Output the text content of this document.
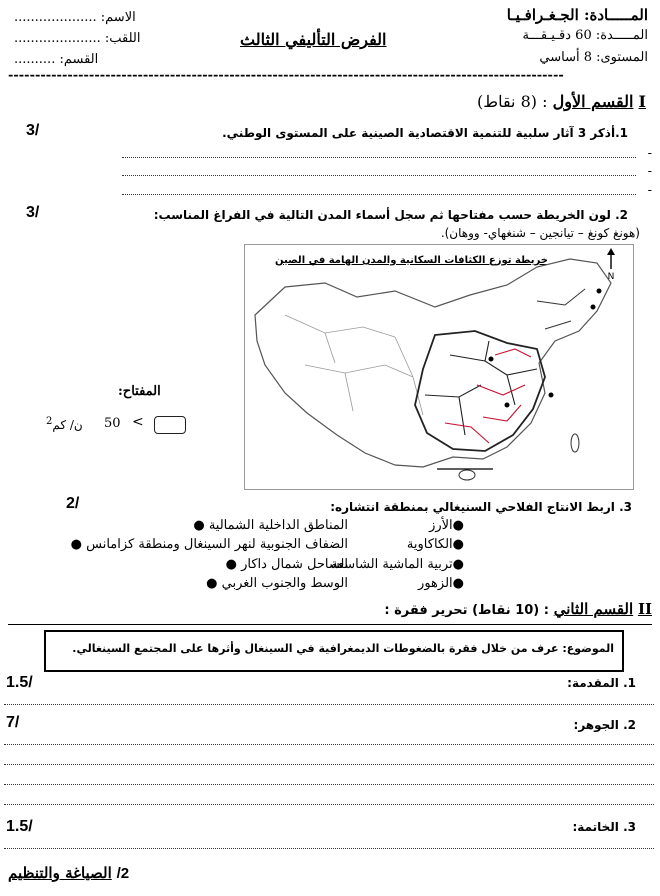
المـــــادة: الجـغـرافـيـا
المـــــدة: 60 دقـيـقـــة
المستوى: 8 أساسي
الفرض التأليفي الثالث
الاسم: ....................
اللقب: .....................
القسم: ..........
-------------------------------------------------------------------------------------------------------
I القسم الأول : (8 نقاط)
1.أذكر 3 آثار سلبية للتنمية الاقتصادية الصينية على المستوى الوطني.
3/
-
-
-
2. لون الخريطة حسب مفتاحها ثم سجل أسماء المدن التالية في الفراغ المناسب:
(هونغ كونغ – تيانجين – شنغهاي- ووهان).
3/
خريطة توزع الكثافات السكانية والمدن الهامة في الصين
N
المفتاح:
>
50
ن/ كم$^2$
3. اربط الانتاج الفلاحي السنيغالي بمنطقة انتشاره:
2/
● الأرز
● الكاكاوية
● تربية الماشية الشاسعة
● الزهور
المناطق الداخلية الشمالية ●
الضفاف الجنوبية لنهر السينغال ومنطقة كزامانس ●
الساحل شمال داكار ●
الوسط والجنوب الغربي ●
II القسم الثاني : (10 نقاط) تحرير فقرة :
الموضوع: عرف من خلال فقرة بالضغوطات الديمغرافية في السينغال وأثرها على المجتمع السينغالي.
1. المقدمة:
1.5/
2. الجوهر:
7/
3. الخاتمة:
1.5/
2/ الصياغة والتنظيم
